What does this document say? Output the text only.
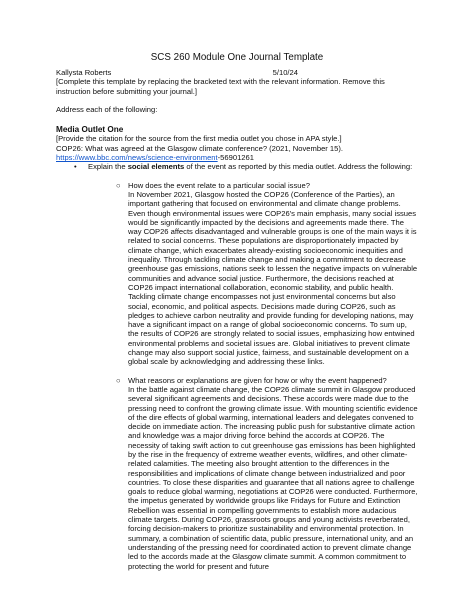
SCS 260 Module One Journal Template
Kallysta Roberts	5/10/24
[Complete this template by replacing the bracketed text with the relevant information. Remove this instruction before submitting your journal.]
Address each of the following:
Media Outlet One
[Provide the citation for the source from the first media outlet you chose in APA style.]
COP26: What was agreed at the Glasgow climate conference? (2021, November 15).
https://www.bbc.com/news/science-environment-56901261
•	Explain the social elements of the event as reported by this media outlet. Address the following:
○ How does the event relate to a particular social issue?
In November 2021, Glasgow hosted the COP26 (Conference of the Parties), an important gathering that focused on environmental and climate change problems. Even though environmental issues were COP26's main emphasis, many social issues would be significantly impacted by the decisions and agreements made there. The way COP26 affects disadvantaged and vulnerable groups is one of the main ways it is related to social concerns. These populations are disproportionately impacted by climate change, which exacerbates already-existing socioeconomic inequities and inequality. Through tackling climate change and making a commitment to decrease greenhouse gas emissions, nations seek to lessen the negative impacts on vulnerable communities and advance social justice. Furthermore, the decisions reached at COP26 impact international collaboration, economic stability, and public health. Tackling climate change encompasses not just environmental concerns but also social, economic, and political aspects. Decisions made during COP26, such as pledges to achieve carbon neutrality and provide funding for developing nations, may have a significant impact on a range of global socioeconomic concerns. To sum up, the results of COP26 are strongly related to social issues, emphasizing how entwined environmental problems and societal issues are. Global initiatives to prevent climate change may also support social justice, fairness, and sustainable development on a global scale by acknowledging and addressing these links.
○ What reasons or explanations are given for how or why the event happened?
In the battle against climate change, the COP26 climate summit in Glasgow produced several significant agreements and decisions. These accords were made due to the pressing need to confront the growing climate issue. With mounting scientific evidence of the dire effects of global warming, international leaders and delegates convened to decide on immediate action. The increasing public push for substantive climate action and knowledge was a major driving force behind the accords at COP26. The necessity of taking swift action to cut greenhouse gas emissions has been highlighted by the rise in the frequency of extreme weather events, wildfires, and other climate-related calamities. The meeting also brought attention to the differences in the responsibilities and implications of climate change between industrialized and poor countries. To close these disparities and guarantee that all nations agree to challenge goals to reduce global warming, negotiations at COP26 were conducted. Furthermore, the impetus generated by worldwide groups like Fridays for Future and Extinction Rebellion was essential in compelling governments to establish more audacious climate targets. During COP26, grassroots groups and young activists reverberated, forcing decision-makers to prioritize sustainability and environmental protection. In summary, a combination of scientific data, public pressure, international unity, and an understanding of the pressing need for coordinated action to prevent climate change led to the accords made at the Glasgow climate summit. A common commitment to protecting the world for present and future
